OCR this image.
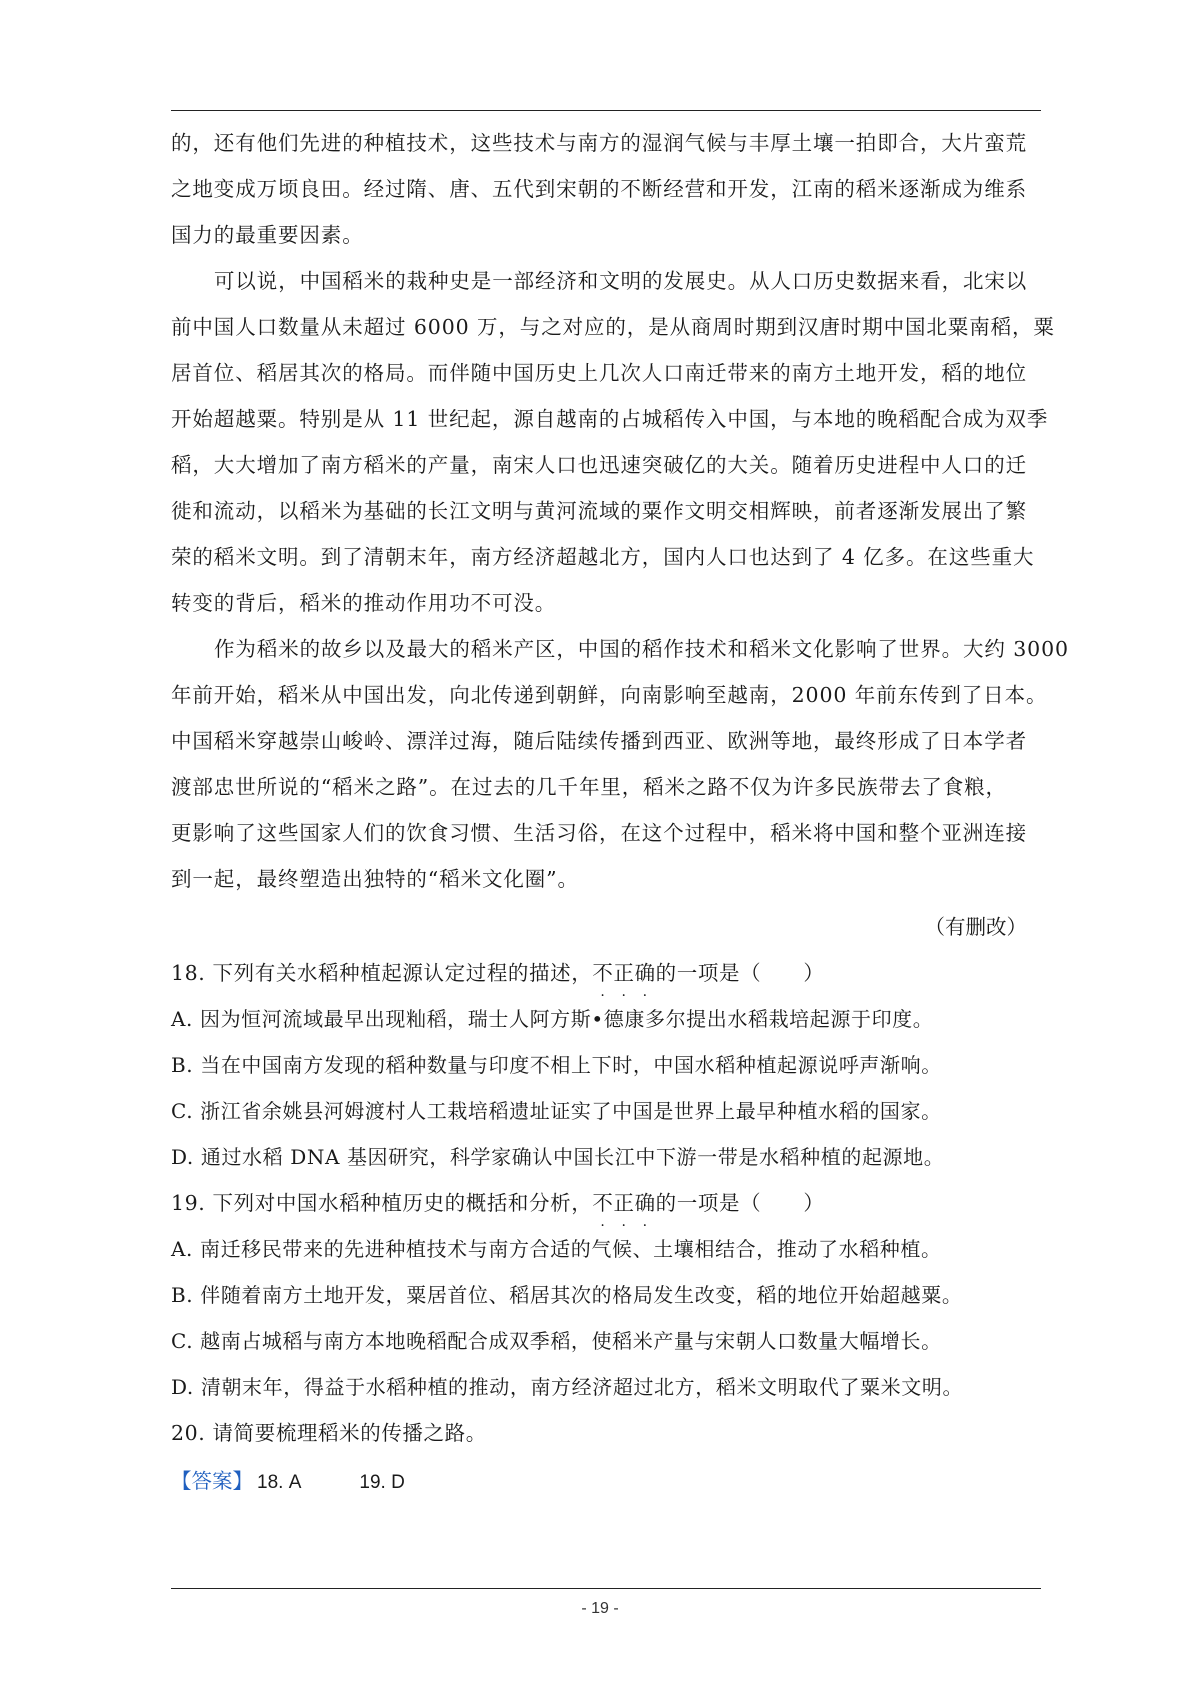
的，还有他们先进的种植技术，这些技术与南方的湿润气候与丰厚土壤一拍即合，大片蛮荒
之地变成万顷良田。经过隋、唐、五代到宋朝的不断经营和开发，江南的稻米逐渐成为维系
国力的最重要因素。

可以说，中国稻米的栽种史是一部经济和文明的发展史。从人口历史数据来看，北宋以
前中国人口数量从未超过 6000 万，与之对应的，是从商周时期到汉唐时期中国北粟南稻，粟
居首位、稻居其次的格局。而伴随中国历史上几次人口南迁带来的南方土地开发，稻的地位
开始超越粟。特别是从 11 世纪起，源自越南的占城稻传入中国，与本地的晚稻配合成为双季
稻，大大增加了南方稻米的产量，南宋人口也迅速突破亿的大关。随着历史进程中人口的迁
徙和流动，以稻米为基础的长江文明与黄河流域的粟作文明交相辉映，前者逐渐发展出了繁
荣的稻米文明。到了清朝末年，南方经济超越北方，国内人口也达到了 4 亿多。在这些重大
转变的背后，稻米的推动作用功不可没。

作为稻米的故乡以及最大的稻米产区，中国的稻作技术和稻米文化影响了世界。大约 3000
年前开始，稻米从中国出发，向北传递到朝鲜，向南影响至越南，2000 年前东传到了日本。
中国稻米穿越崇山峻岭、漂洋过海，随后陆续传播到西亚、欧洲等地，最终形成了日本学者
渡部忠世所说的“稻米之路”。在过去的几千年里，稻米之路不仅为许多民族带去了食粮，
更影响了这些国家人们的饮食习惯、生活习俗，在这个过程中，稻米将中国和整个亚洲连接
到一起，最终塑造出独特的“稻米文化圈”。

（有删改）

18. 下列有关水稻种植起源认定过程的描述，不
·
正
·
确
·
的一项是（　　）

A. 因为恒河流域最早出现籼稻，瑞士人阿方斯•德康多尔提出水稻栽培起源于印度。

B. 当在中国南方发现的稻种数量与印度不相上下时，中国水稻种植起源说呼声渐响。

C. 浙江省余姚县河姆渡村人工栽培稻遗址证实了中国是世界上最早种植水稻的国家。

D. 通过水稻 DNA 基因研究，科学家确认中国长江中下游一带是水稻种植的起源地。

19. 下列对中国水稻种植历史的概括和分析，不
·
正
·
确
·
的一项是（　　）

A. 南迁移民带来的先进种植技术与南方合适的气候、土壤相结合，推动了水稻种植。

B. 伴随着南方土地开发，粟居首位、稻居其次的格局发生改变，稻的地位开始超越粟。

C. 越南占城稻与南方本地晚稻配合成双季稻，使稻米产量与宋朝人口数量大幅增长。

D. 清朝末年，得益于水稻种植的推动，南方经济超过北方，稻米文明取代了粟米文明。

20. 请简要梳理稻米的传播之路。

【答案】 18. A	19. D
- 19 -
